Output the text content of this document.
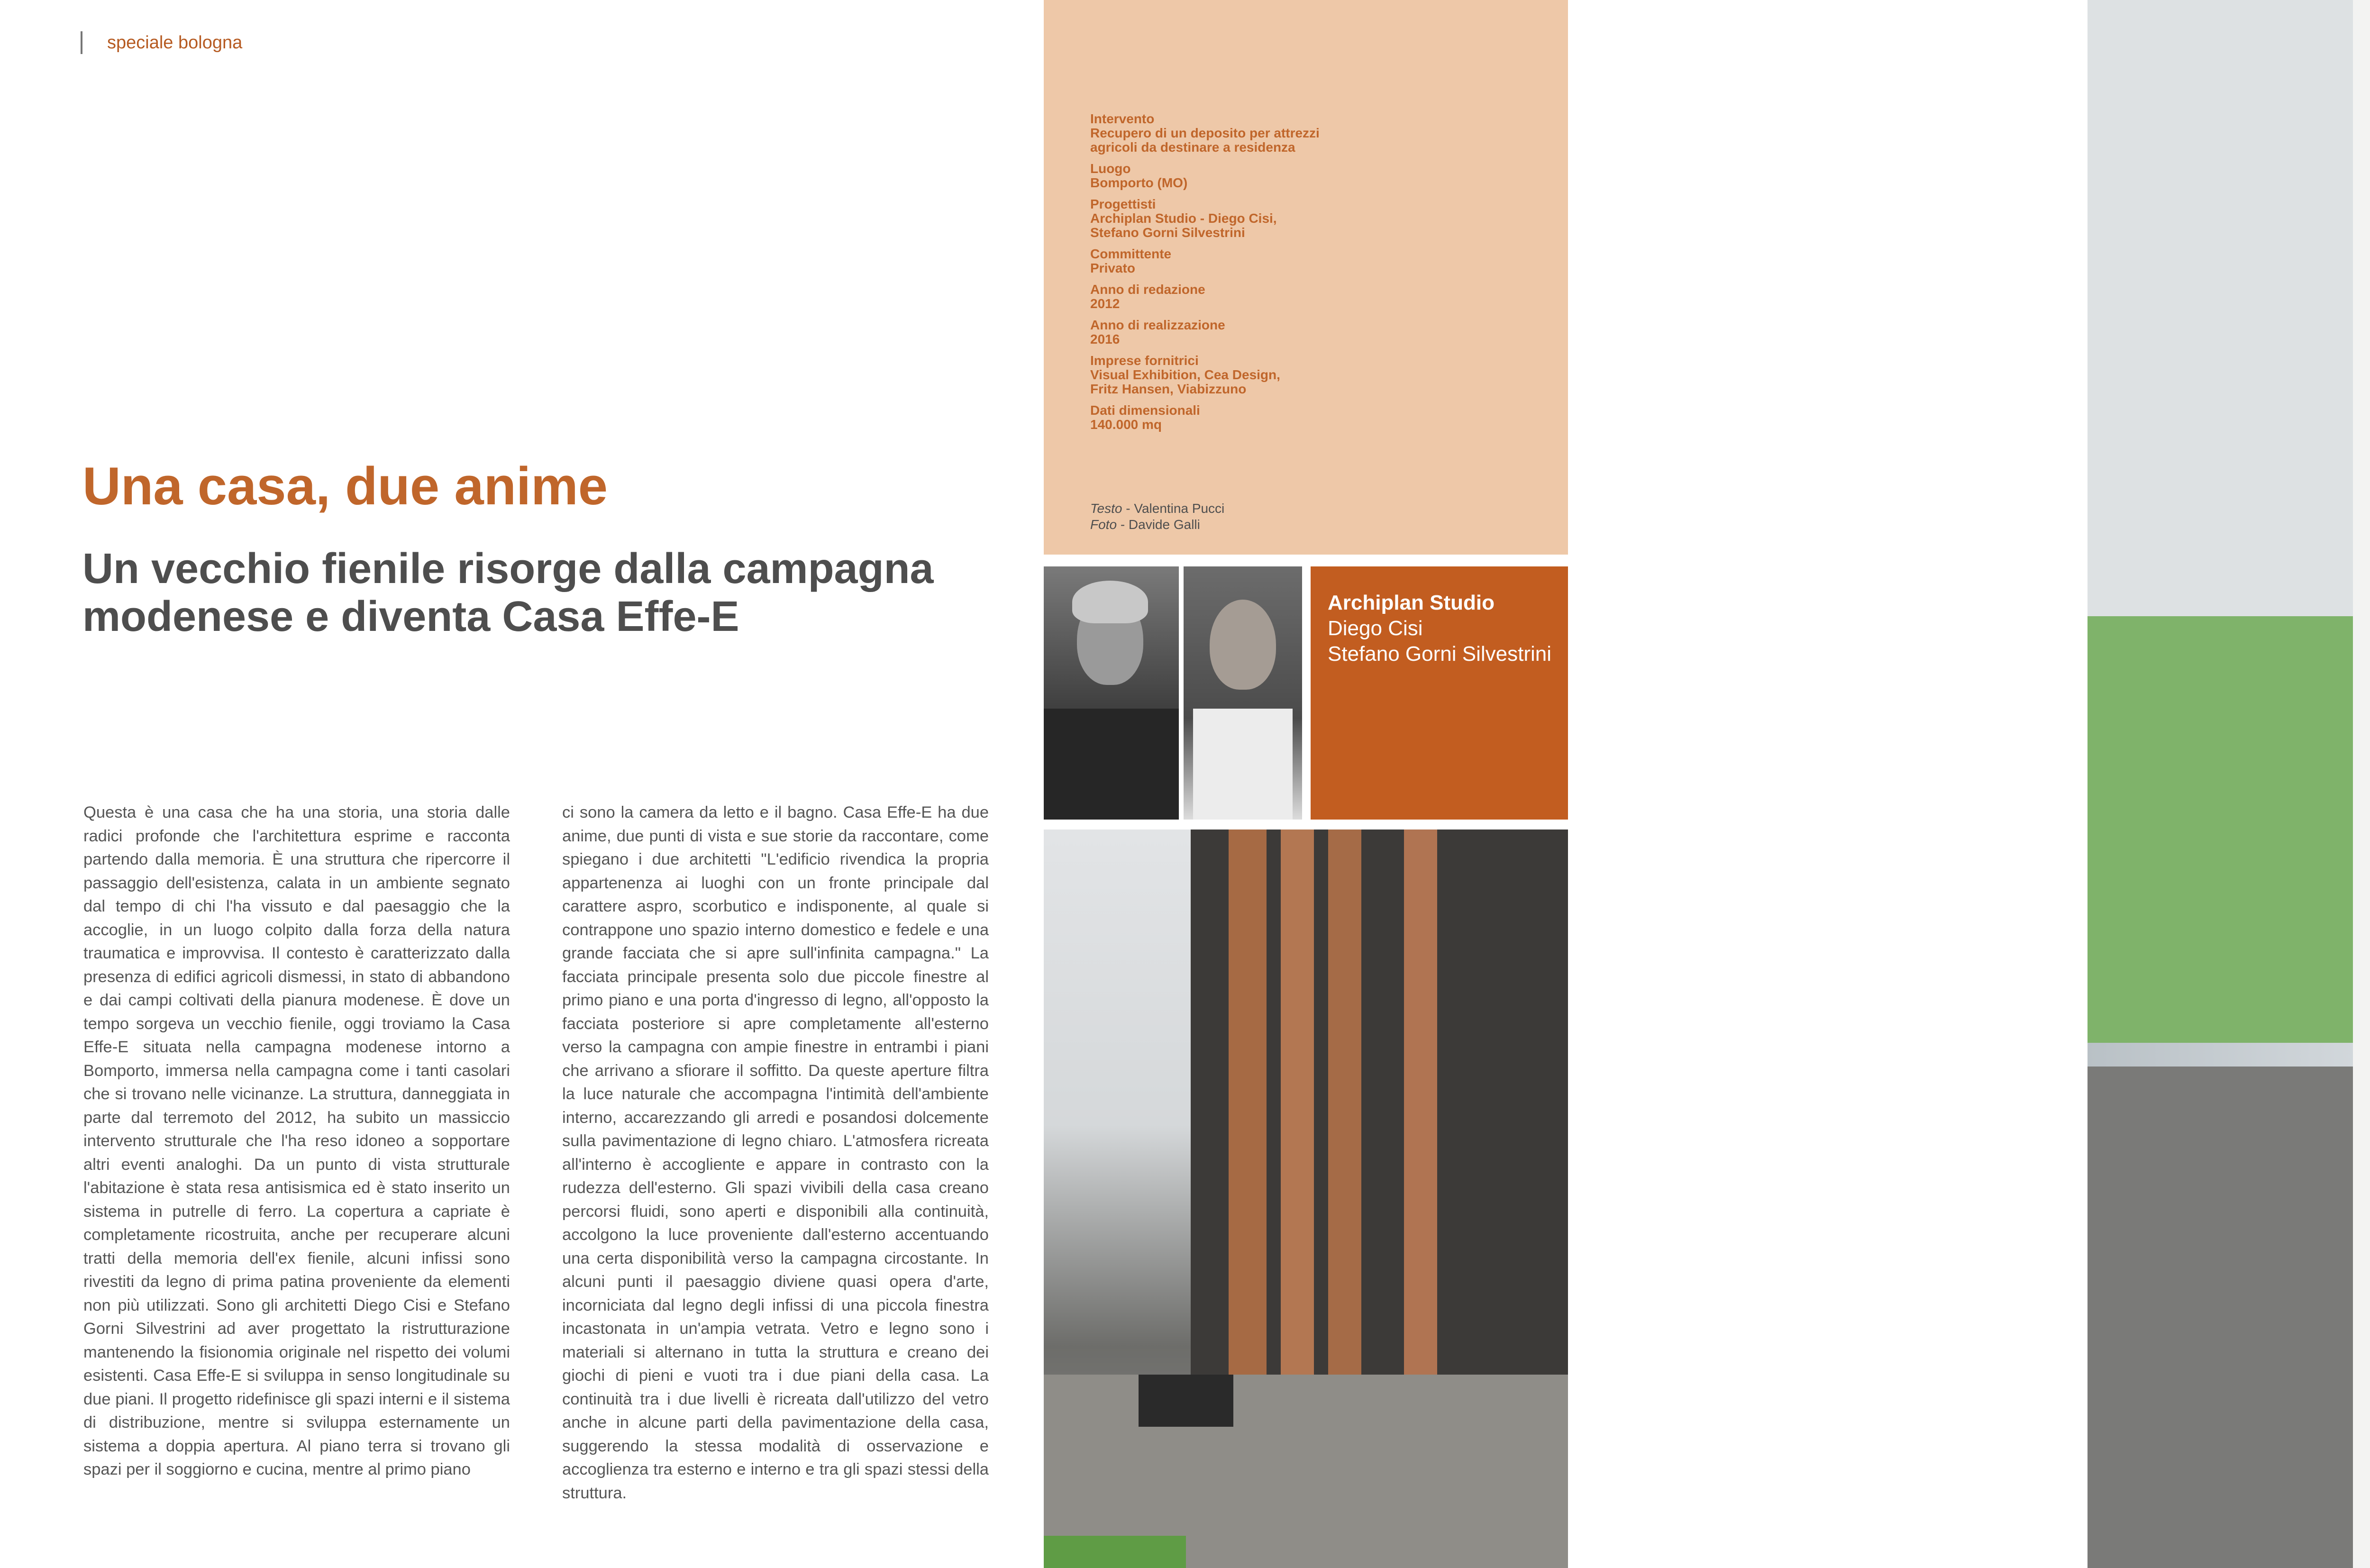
speciale bologna
Una casa, due anime
Un vecchio fienile risorge dalla campagna modenese e diventa Casa Effe-E

Questa è una casa che ha una storia, una storia dalle radici profonde che l'architettura esprime e racconta partendo dalla memoria. È una struttura che ripercorre il passaggio dell'esistenza, calata in un ambiente segnato dal tempo di chi l'ha vissuto e dal paesaggio che la accoglie, in un luogo colpito dalla forza della natura traumatica e improvvisa. Il contesto è caratterizzato dalla presenza di edifici agricoli dismessi, in stato di abbandono e dai campi coltivati della pianura modenese. È dove un tempo sorgeva un vecchio fienile, oggi troviamo la Casa Effe-E situata nella campagna modenese intorno a Bomporto, immersa nella campagna come i tanti casolari che si trovano nelle vicinanze. La struttura, danneggiata in parte dal terremoto del 2012, ha subito un massiccio intervento strutturale che l'ha reso idoneo a sopportare altri eventi analoghi. Da un punto di vista strutturale l'abitazione è stata resa antisismica ed è stato inserito un sistema in putrelle di ferro. La copertura a capriate è completamente ricostruita, anche per recuperare alcuni tratti della memoria dell'ex fienile, alcuni infissi sono rivestiti da legno di prima patina proveniente da elementi non più utilizzati. Sono gli architetti Diego Cisi e Stefano Gorni Silvestrini ad aver progettato la ristrutturazione mantenendo la fisionomia originale nel rispetto dei volumi esistenti. Casa Effe-E si sviluppa in senso longitudinale su due piani. Il progetto ridefinisce gli spazi interni e il sistema di distribuzione, mentre si sviluppa esternamente un sistema a doppia apertura. Al piano terra si trovano gli spazi per il soggiorno e cucina, mentre al primo piano

ci sono la camera da letto e il bagno. Casa Effe-E ha due anime, due punti di vista e sue storie da raccontare, come spiegano i due architetti "L'edificio rivendica la propria appartenenza ai luoghi con un fronte principale dal carattere aspro, scorbutico e indisponente, al quale si contrappone uno spazio interno domestico e fedele e una grande facciata che si apre sull'infinita campagna." La facciata principale presenta solo due piccole finestre al primo piano e una porta d'ingresso di legno, all'opposto la facciata posteriore si apre completamente all'esterno verso la campagna con ampie finestre in entrambi i piani che arrivano a sfiorare il soffitto. Da queste aperture filtra la luce naturale che accompagna l'intimità dell'ambiente interno, accarezzando gli arredi e posandosi dolcemente sulla pavimentazione di legno chiaro. L'atmosfera ricreata all'interno è accogliente e appare in contrasto con la rudezza dell'esterno. Gli spazi vivibili della casa creano percorsi fluidi, sono aperti e disponibili alla continuità, accolgono la luce proveniente dall'esterno accentuando una certa disponibilità verso la campagna circostante. In alcuni punti il paesaggio diviene quasi opera d'arte, incorniciata dal legno degli infissi di una piccola finestra incastonata in un'ampia vetrata. Vetro e legno sono i materiali si alternano in tutta la struttura e creano dei giochi di pieni e vuoti tra i due piani della casa. La continuità tra i due livelli è ricreata dall'utilizzo del vetro anche in alcune parti della pavimentazione della casa, suggerendo la stessa modalità di osservazione e accoglienza tra esterno e interno e tra gli spazi stessi della struttura.

Intervento
Recupero di un deposito per attrezzi
agricoli da destinare a residenza
Luogo
Bomporto (MO)
Progettisti
Archiplan Studio - Diego Cisi,
Stefano Gorni Silvestrini
Committente
Privato
Anno di redazione
2012
Anno di realizzazione
2016
Imprese fornitrici
Visual Exhibition, Cea Design,
Fritz Hansen, Viabizzuno
Dati dimensionali
140.000 mq
Testo - Valentina Pucci
Foto - Davide Galli
Archiplan Studio
Diego Cisi
Stefano Gorni Silvestrini
